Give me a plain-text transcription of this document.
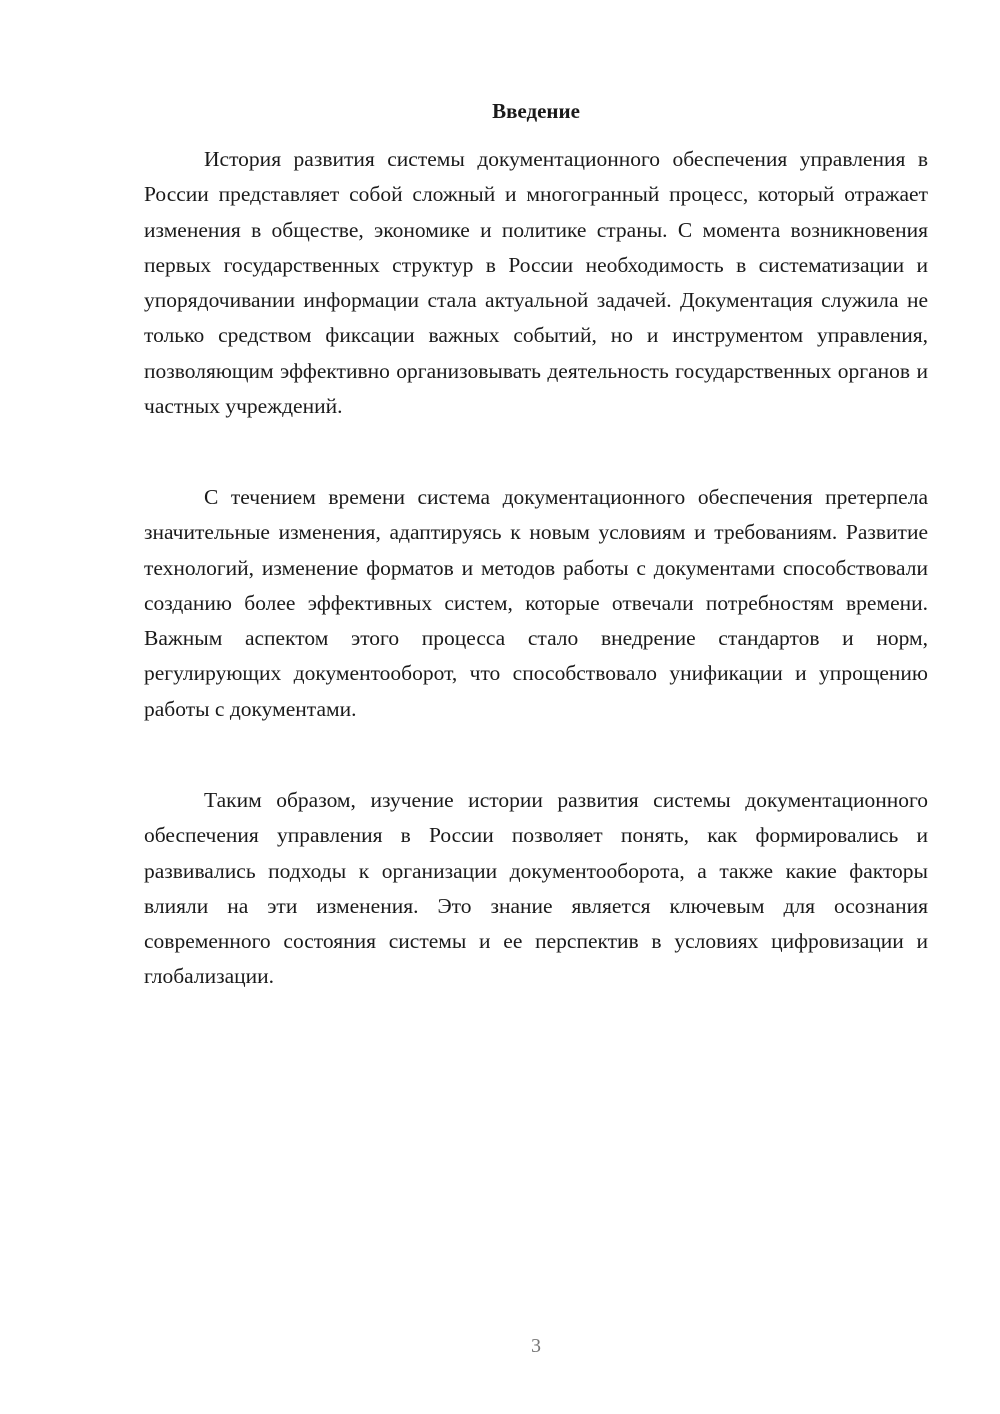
Введение

История развития системы документационного обеспечения управления в России представляет собой сложный и многогранный процесс, который отражает изменения в обществе, экономике и политике страны. С момента возникновения первых государственных структур в России необходимость в систематизации и упорядочивании информации стала актуальной задачей. Документация служила не только средством фиксации важных событий, но и инструментом управления, позволяющим эффективно организовывать деятельность государственных органов и частных учреждений.

С течением времени система документационного обеспечения претерпела значительные изменения, адаптируясь к новым условиям и требованиям. Развитие технологий, изменение форматов и методов работы с документами способствовали созданию более эффективных систем, которые отвечали потребностям времени. Важным аспектом этого процесса стало внедрение стандартов и норм, регулирующих документооборот, что способствовало унификации и упрощению работы с документами.

Таким образом, изучение истории развития системы документационного обеспечения управления в России позволяет понять, как формировались и развивались подходы к организации документооборота, а также какие факторы влияли на эти изменения. Это знание является ключевым для осознания современного состояния системы и ее перспектив в условиях цифровизации и глобализации.

3
